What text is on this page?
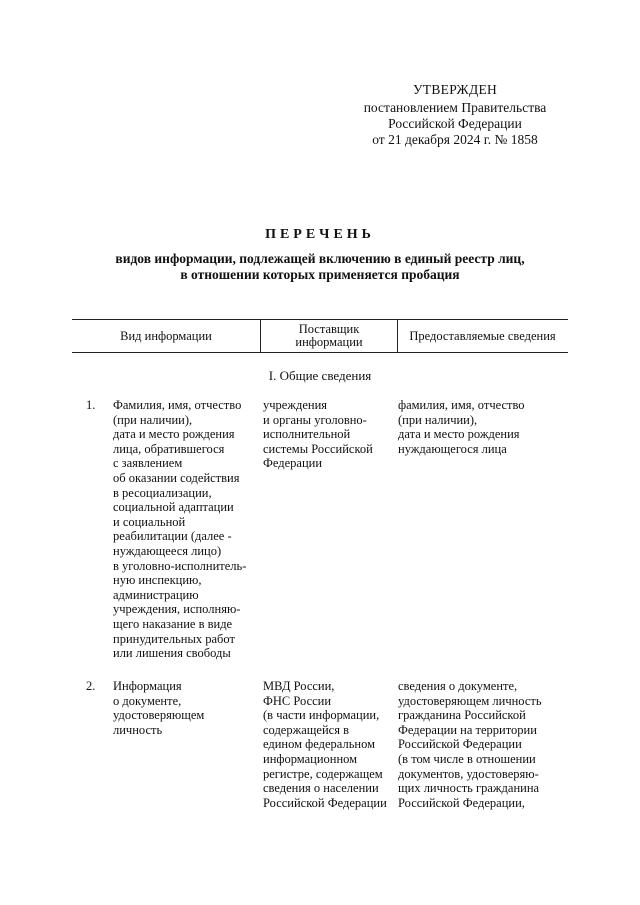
УТВЕРЖДЕН
постановлением Правительства
Российской Федерации
от 21 декабря 2024 г. № 1858
ПЕРЕЧЕНЬ
видов информации, подлежащей включению в единый реестр лиц,
в отношении которых применяется пробация
Вид информации	Поставщик
информации	Предоставляемые сведения
I. Общие сведения
1. Фамилия, имя, отчество
(при наличии),
дата и место рождения
лица, обратившегося
с заявлением
об оказании содействия
в ресоциализации,
социальной адаптации
и социальной
реабилитации (далее -
нуждающееся лицо)
в уголовно-исполнитель-
ную инспекцию,
администрацию
учреждения, исполняю-
щего наказание в виде
принудительных работ
или лишения свободы
учреждения
и органы уголовно-
исполнительной
системы Российской
Федерации
фамилия, имя, отчество
(при наличии),
дата и место рождения
нуждающегося лица
2. Информация
о документе,
удостоверяющем
личность
МВД России,
ФНС России
(в части информации,
содержащейся в
едином федеральном
информационном
регистре, содержащем
сведения о населении
Российской Федерации
сведения о документе,
удостоверяющем личность
гражданина Российской
Федерации на территории
Российской Федерации
(в том числе в отношении
документов, удостоверяю-
щих личность гражданина
Российской Федерации,
